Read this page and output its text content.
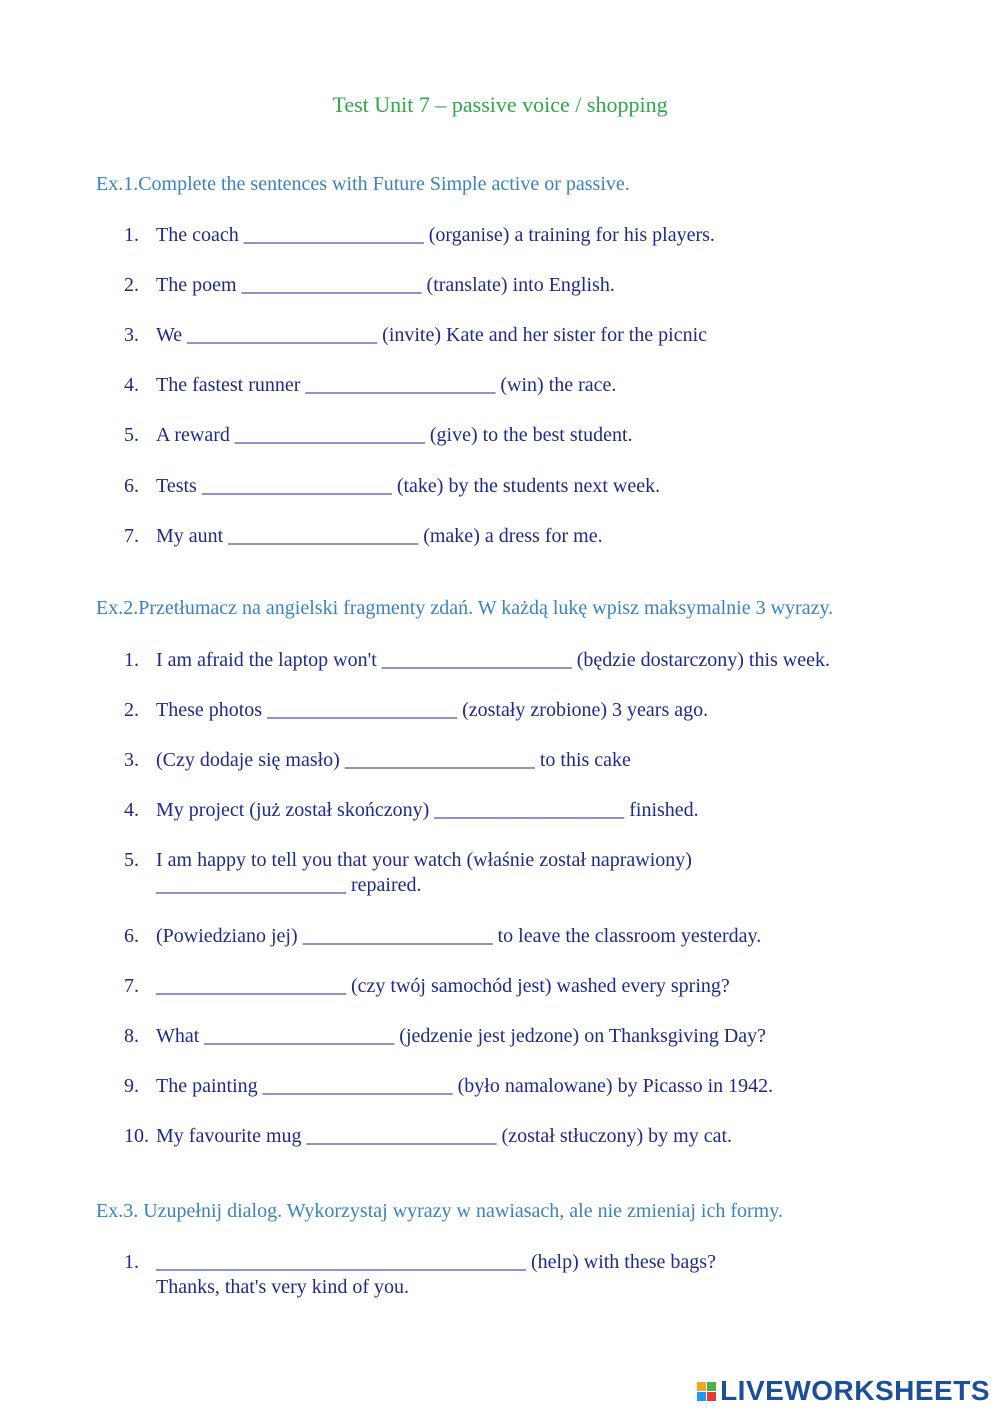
Test Unit 7 – passive voice / shopping
Ex.1.Complete the sentences with Future Simple active or passive.
1. The coach __________________ (organise) a training for his players.
2. The poem __________________ (translate) into English.
3. We ___________________ (invite) Kate and her sister for the picnic
4. The fastest runner ___________________ (win) the race.
5. A reward ___________________ (give) to the best student.
6. Tests ___________________ (take) by the students next week.
7. My aunt ___________________ (make) a dress for me.
Ex.2.Przetłumacz na angielski fragmenty zdań. W każdą lukę wpisz maksymalnie 3 wyrazy.
1. I am afraid the laptop won't ___________________ (będzie dostarczony) this week.
2. These photos ___________________ (zostały zrobione) 3 years ago.
3. (Czy dodaje się masło) ___________________ to this cake
4. My project (już został skończony) ___________________ finished.
5. I am happy to tell you that your watch (właśnie został naprawiony)
___________________ repaired.
6. (Powiedziano jej) ___________________ to leave the classroom yesterday.
7. ___________________ (czy twój samochód jest) washed every spring?
8. What ___________________ (jedzenie jest jedzone) on Thanksgiving Day?
9. The painting ___________________ (było namalowane) by Picasso in 1942.
10. My favourite mug ___________________ (został stłuczony) by my cat.
Ex.3. Uzupełnij dialog. Wykorzystaj wyrazy w nawiasach, ale nie zmieniaj ich formy.
1. _____________________________________ (help) with these bags?
Thanks, that's very kind of you.
LIVEWORKSHEETS
